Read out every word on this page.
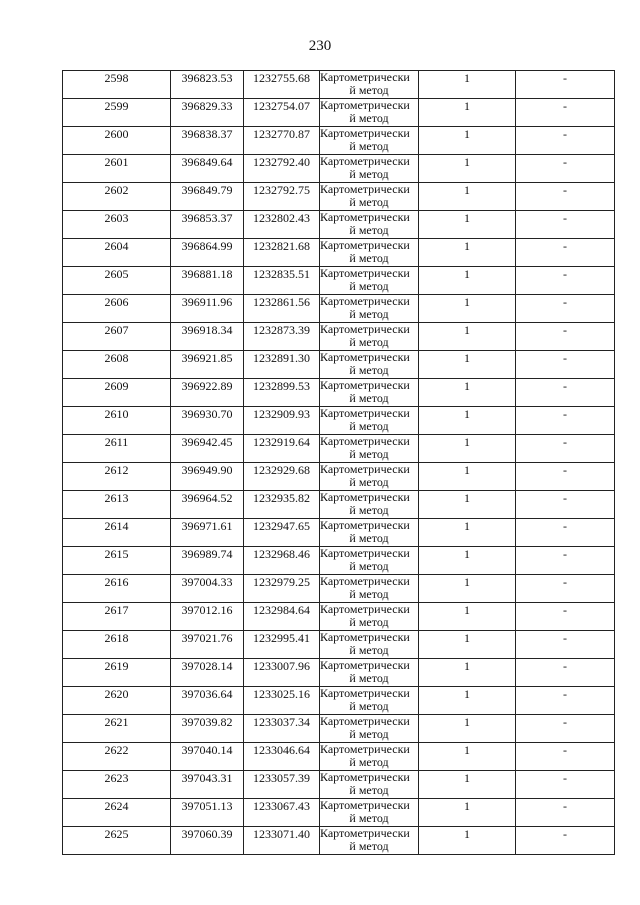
230
2598	396823.53	1232755.68	Картометрически
й метод	1	-
2599	396829.33	1232754.07	Картометрически
й метод	1	-
2600	396838.37	1232770.87	Картометрически
й метод	1	-
2601	396849.64	1232792.40	Картометрически
й метод	1	-
2602	396849.79	1232792.75	Картометрически
й метод	1	-
2603	396853.37	1232802.43	Картометрически
й метод	1	-
2604	396864.99	1232821.68	Картометрически
й метод	1	-
2605	396881.18	1232835.51	Картометрически
й метод	1	-
2606	396911.96	1232861.56	Картометрически
й метод	1	-
2607	396918.34	1232873.39	Картометрически
й метод	1	-
2608	396921.85	1232891.30	Картометрически
й метод	1	-
2609	396922.89	1232899.53	Картометрически
й метод	1	-
2610	396930.70	1232909.93	Картометрически
й метод	1	-
2611	396942.45	1232919.64	Картометрически
й метод	1	-
2612	396949.90	1232929.68	Картометрически
й метод	1	-
2613	396964.52	1232935.82	Картометрически
й метод	1	-
2614	396971.61	1232947.65	Картометрически
й метод	1	-
2615	396989.74	1232968.46	Картометрически
й метод	1	-
2616	397004.33	1232979.25	Картометрически
й метод	1	-
2617	397012.16	1232984.64	Картометрически
й метод	1	-
2618	397021.76	1232995.41	Картометрически
й метод	1	-
2619	397028.14	1233007.96	Картометрически
й метод	1	-
2620	397036.64	1233025.16	Картометрически
й метод	1	-
2621	397039.82	1233037.34	Картометрически
й метод	1	-
2622	397040.14	1233046.64	Картометрически
й метод	1	-
2623	397043.31	1233057.39	Картометрически
й метод	1	-
2624	397051.13	1233067.43	Картометрически
й метод	1	-
2625	397060.39	1233071.40	Картометрически
й метод	1	-
